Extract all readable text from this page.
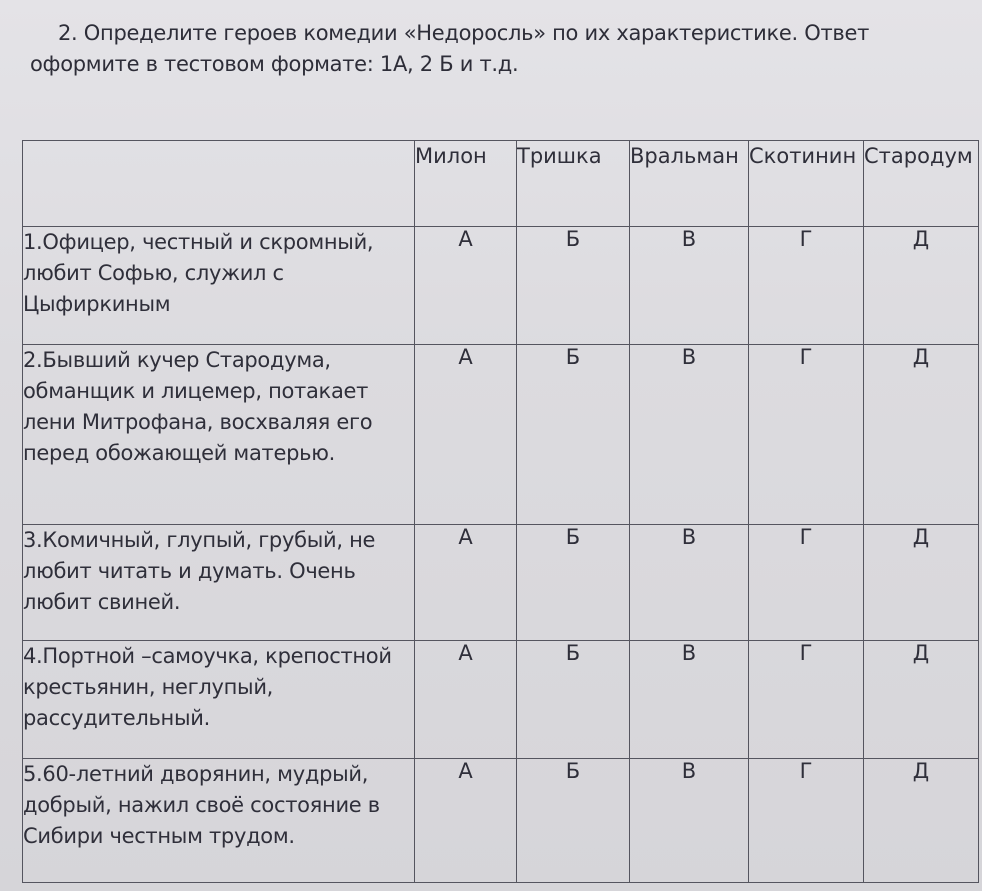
2. Определите героев комедии «Недоросль» по их характеристике. Ответ
оформите в тестовом формате: 1А, 2 Б и т.д.
	Милон	Тришка	Вральман	Скотинин	Стародум
1.Офицер, честный и скромный, любит Софью, служил с Цыфиркиным	А	Б	В	Г	Д
2.Бывший кучер Стародума, обманщик и лицемер, потакает лени Митрофана, восхваляя его перед обожающей матерью.	А	Б	В	Г	Д
3.Комичный, глупый, грубый, не любит читать и думать. Очень любит свиней.	А	Б	В	Г	Д
4.Портной –самоучка, крепостной крестьянин, неглупый, рассудительный.	А	Б	В	Г	Д
5.60-летний дворянин, мудрый, добрый, нажил своё состояние в Сибири честным трудом.	А	Б	В	Г	Д
